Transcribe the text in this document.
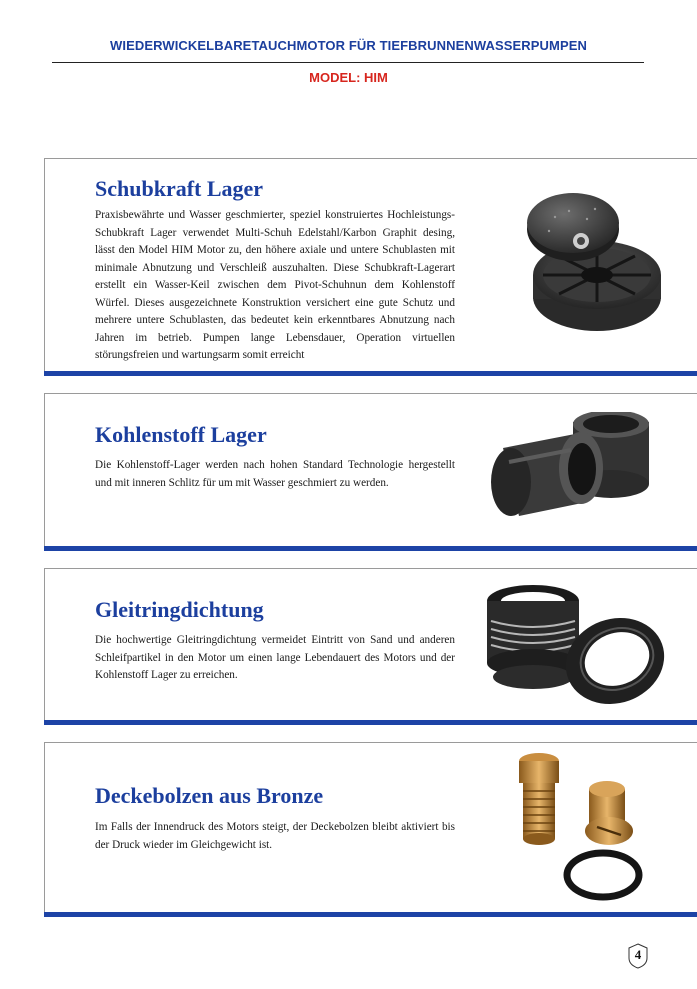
WIEDERWICKELBARETAUCHMOTOR FÜR TIEFBRUNNENWASSERPUMPEN
MODEL: HIM
Schubkraft Lager

Praxisbewährte und Wasser geschmierter, speziel konstruiertes Hochleistungs- Schubkraft Lager verwendet Multi-Schuh Edelstahl/Karbon Graphit desing, lässt den Model HIM Motor zu, den höhere axiale und untere Schublasten mit minimale Abnutzung und Verschleiß auszuhalten. Diese Schubkraft-Lagerart erstellt ein Wasser-Keil zwischen dem Pivot-Schuhnun dem Kohlenstoff Würfel. Dieses ausgezeichnete Konstruktion versichert eine gute Schutz und mehrere untere Schublasten, das bedeutet kein erkenntbares Abnutzung nach Jahren im betrieb. Pumpen lange Lebensdauer, Operation virtuellen störungsfreien und wartungsarm somit erreicht

Kohlenstoff Lager

Die Kohlenstoff-Lager werden nach hohen Standard Technologie hergestellt und mit inneren Schlitz für um mit Wasser geschmiert zu werden.

Gleitringdichtung

Die hochwertige Gleitringdichtung vermeidet Eintritt von Sand und anderen Schleifpartikel in den Motor um einen lange Lebendauert des Motors und der Kohlenstoff Lager zu erreichen.

Deckebolzen aus Bronze

Im Falls der Innendruck des Motors steigt, der Deckebolzen bleibt aktiviert bis der Druck wieder im Gleichgewicht ist.

4
